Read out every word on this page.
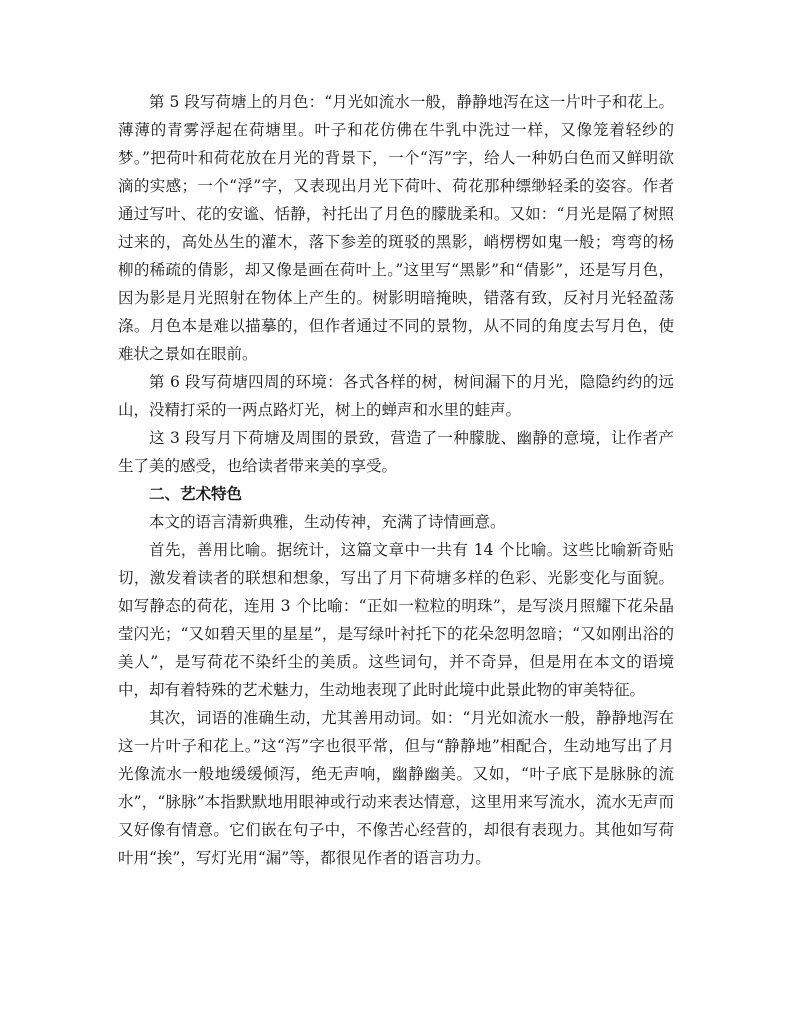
第 5 段写荷塘上的月色：“月光如流水一般，静静地泻在这一片叶子和花上。薄薄的青雾浮起在荷塘里。叶子和花仿佛在牛乳中洗过一样，又像笼着轻纱的梦。”把荷叶和荷花放在月光的背景下，一个“泻”字，给人一种奶白色而又鲜明欲滴的实感；一个“浮”字，又表现出月光下荷叶、荷花那种缥缈轻柔的姿容。作者通过写叶、花的安谧、恬静，衬托出了月色的朦胧柔和。又如：“月光是隔了树照过来的，高处丛生的灌木，落下参差的斑驳的黑影，峭楞楞如鬼一般；弯弯的杨柳的稀疏的倩影，却又像是画在荷叶上。”这里写“黑影”和“倩影”，还是写月色，因为影是月光照射在物体上产生的。树影明暗掩映，错落有致，反衬月光轻盈荡涤。月色本是难以描摹的，但作者通过不同的景物，从不同的角度去写月色，使难状之景如在眼前。

第 6 段写荷塘四周的环境：各式各样的树，树间漏下的月光，隐隐约约的远山，没精打采的一两点路灯光，树上的蝉声和水里的蛙声。

这 3 段写月下荷塘及周围的景致，营造了一种朦胧、幽静的意境，让作者产生了美的感受，也给读者带来美的享受。

二、艺术特色

本文的语言清新典雅，生动传神，充满了诗情画意。

首先，善用比喻。据统计，这篇文章中一共有 14 个比喻。这些比喻新奇贴切，激发着读者的联想和想象，写出了月下荷塘多样的色彩、光影变化与面貌。如写静态的荷花，连用 3 个比喻：“正如一粒粒的明珠”，是写淡月照耀下花朵晶莹闪光；“又如碧天里的星星”，是写绿叶衬托下的花朵忽明忽暗；“又如刚出浴的美人”，是写荷花不染纤尘的美质。这些词句，并不奇异，但是用在本文的语境中，却有着特殊的艺术魅力，生动地表现了此时此境中此景此物的审美特征。

其次，词语的准确生动，尤其善用动词。如：“月光如流水一般，静静地泻在这一片叶子和花上。”这“泻”字也很平常，但与“静静地”相配合，生动地写出了月光像流水一般地缓缓倾泻，绝无声响，幽静幽美。又如，“叶子底下是脉脉的流水”，“脉脉”本指默默地用眼神或行动来表达情意，这里用来写流水，流水无声而又好像有情意。它们嵌在句子中，不像苦心经营的，却很有表现力。其他如写荷叶用“挨”，写灯光用“漏”等，都很见作者的语言功力。
